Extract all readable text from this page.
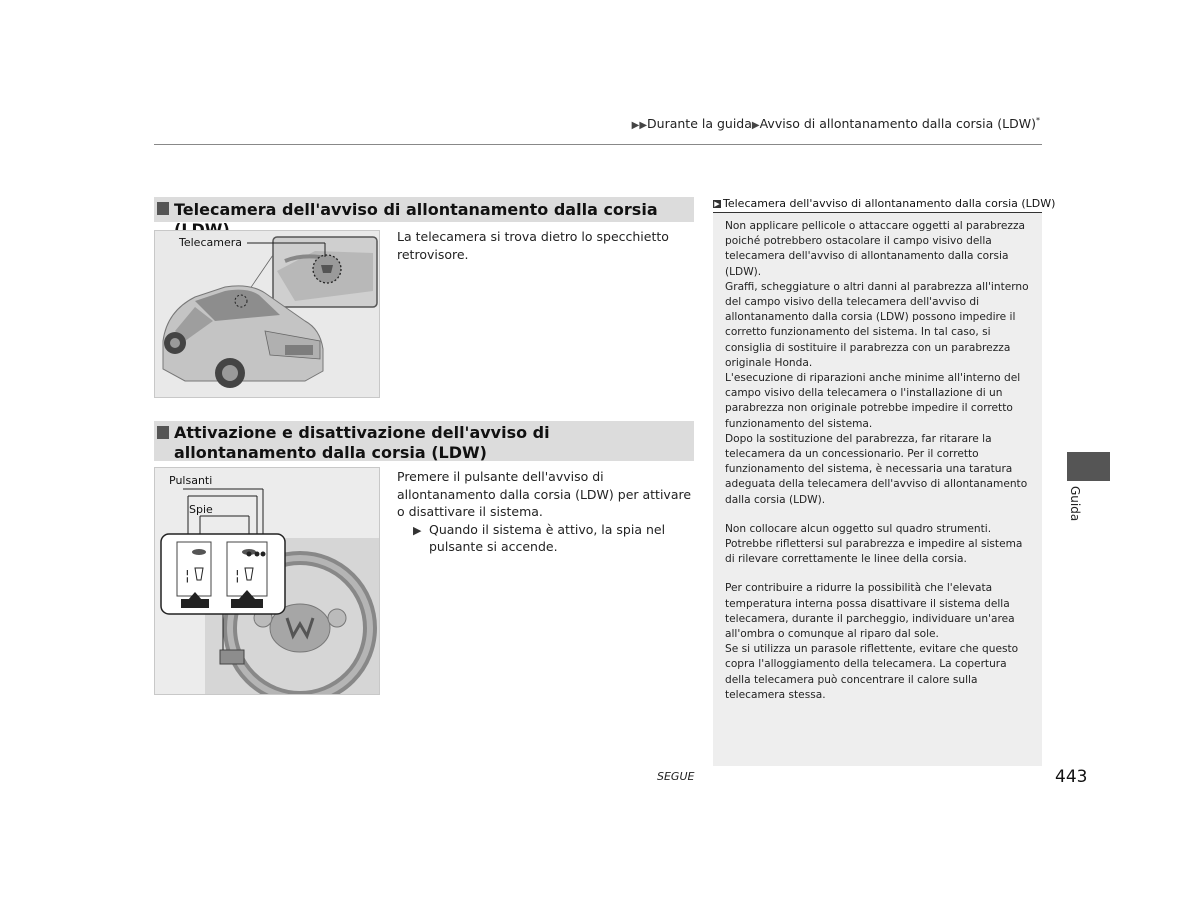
▶▶Durante la guida▶Avviso di allontanamento dalla corsia (LDW)*
Telecamera dell'avviso di allontanamento dalla corsia
Telecamera	La telecamera si trova dietro lo specchietto retrovisore.
Attivazione e disattivazione dell'avviso di allontanamento dalla corsia (LDW)
¦	¦
Pulsanti
Spie
Premere il pulsante dell'avviso di allontanamento dalla corsia (LDW) per attivare o disattivare il sistema.
▶ Quando il sistema è attivo, la spia nel pulsante si accende.
▶ Telecamera dell'avviso di allontanamento dalla corsia (LDW)

Non applicare pellicole o attaccare oggetti al parabrezza poiché potrebbero ostacolare il campo visivo della telecamera dell'avviso di allontanamento dalla corsia (LDW).

Graffi, scheggiature o altri danni al parabrezza all'interno del campo visivo della telecamera dell'avviso di allontanamento dalla corsia (LDW) possono impedire il corretto funzionamento del sistema. In tal caso, si consiglia di sostituire il parabrezza con un parabrezza originale Honda.

L'esecuzione di riparazioni anche minime all'interno del campo visivo della telecamera o l'installazione di un parabrezza non originale potrebbe impedire il corretto funzionamento del sistema.

Dopo la sostituzione del parabrezza, far ritarare la telecamera da un concessionario. Per il corretto funzionamento del sistema, è necessaria una taratura adeguata della telecamera dell'avviso di allontanamento dalla corsia (LDW).

Non collocare alcun oggetto sul quadro strumenti.

Potrebbe riflettersi sul parabrezza e impedire al sistema di rilevare correttamente le linee della corsia.

Per contribuire a ridurre la possibilità che l'elevata temperatura interna possa disattivare il sistema della telecamera, durante il parcheggio, individuare un'area all'ombra o comunque al riparo dal sole.

Se si utilizza un parasole riflettente, evitare che questo copra l'alloggiamento della telecamera. La copertura della telecamera può concentrare il calore sulla telecamera stessa.

Guida
SEGUE	443
